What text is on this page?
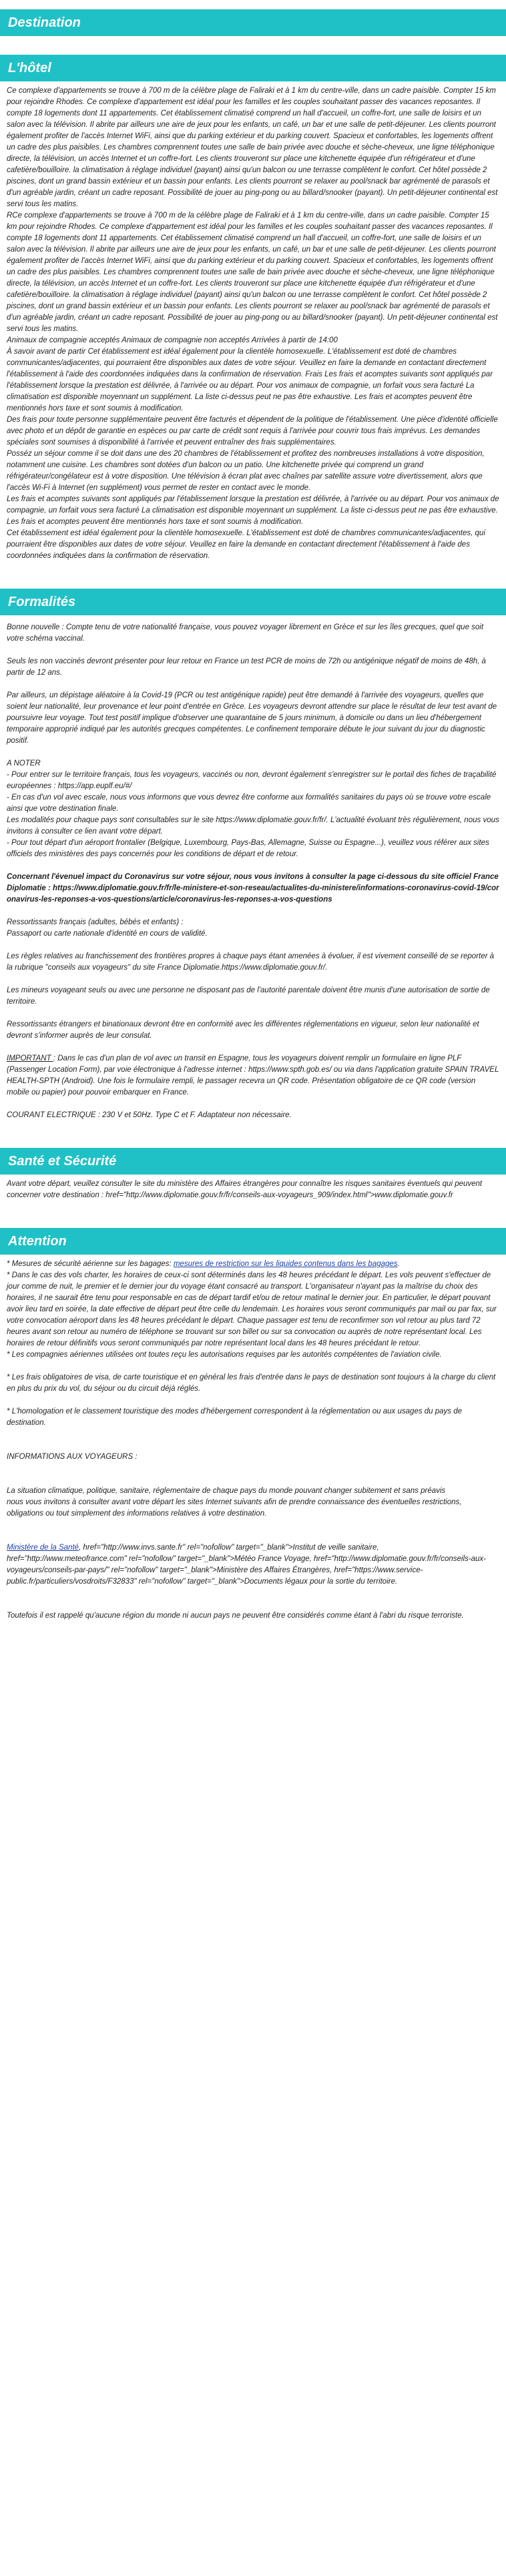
Destination
L'hôtel

Ce complexe d'appartements se trouve à 700 m de la célèbre plage de Faliraki et à 1 km du centre-ville, dans un cadre paisible. Compter 15 km pour rejoindre Rhodes. Ce complexe d'appartement est idéal pour les familles et les couples souhaitant passer des vacances reposantes. Il compte 18 logements dont 11 appartements. Cet établissement climatisé comprend un hall d'accueil, un coffre-fort, une salle de loisirs et un salon avec la télévision. Il abrite par ailleurs une aire de jeux pour les enfants, un café, un bar et une salle de petit-déjeuner. Les clients pourront également profiter de l'accès Internet WiFi, ainsi que du parking extérieur et du parking couvert. Spacieux et confortables, les logements offrent un cadre des plus paisibles. Les chambres comprennent toutes une salle de bain privée avec douche et sèche-cheveux, une ligne téléphonique directe, la télévision, un accès Internet et un coffre-fort. Les clients trouveront sur place une kitchenette équipée d'un réfrigérateur et d'une cafetière/bouilloire. la climatisation à réglage individuel (payant) ainsi qu'un balcon ou une terrasse complètent le confort. Cet hôtel possède 2 piscines, dont un grand bassin extérieur et un bassin pour enfants. Les clients pourront se relaxer au pool/snack bar agrémenté de parasols et d'un agréable jardin, créant un cadre reposant. Possibilité de jouer au ping-pong ou au billard/snooker (payant). Un petit-déjeuner continental est servi tous les matins.

RCe complexe d'appartements se trouve à 700 m de la célèbre plage de Faliraki et à 1 km du centre-ville, dans un cadre paisible. Compter 15 km pour rejoindre Rhodes. Ce complexe d'appartement est idéal pour les familles et les couples souhaitant passer des vacances reposantes. Il compte 18 logements dont 11 appartements. Cet établissement climatisé comprend un hall d'accueil, un coffre-fort, une salle de loisirs et un salon avec la télévision. Il abrite par ailleurs une aire de jeux pour les enfants, un café, un bar et une salle de petit-déjeuner. Les clients pourront également profiter de l'accès Internet WiFi, ainsi que du parking extérieur et du parking couvert. Spacieux et confortables, les logements offrent un cadre des plus paisibles. Les chambres comprennent toutes une salle de bain privée avec douche et sèche-cheveux, une ligne téléphonique directe, la télévision, un accès Internet et un coffre-fort. Les clients trouveront sur place une kitchenette équipée d'un réfrigérateur et d'une cafetière/bouilloire. la climatisation à réglage individuel (payant) ainsi qu'un balcon ou une terrasse complètent le confort. Cet hôtel possède 2 piscines, dont un grand bassin extérieur et un bassin pour enfants. Les clients pourront se relaxer au pool/snack bar agrémenté de parasols et d'un agréable jardin, créant un cadre reposant. Possibilité de jouer au ping-pong ou au billard/snooker (payant). Un petit-déjeuner continental est servi tous les matins.

Animaux de compagnie acceptés Animaux de compagnie non acceptés Arrivées à partir de 14:00

À savoir avant de partir Cet établissement est idéal également pour la clientèle homosexuelle. L'établissement est doté de chambres communicantes/adjacentes, qui pourraient être disponibles aux dates de votre séjour. Veuillez en faire la demande en contactant directement l'établissement à l'aide des coordonnées indiquées dans la confirmation de réservation. Frais Les frais et acomptes suivants sont appliqués par l'établissement lorsque la prestation est délivrée, à l'arrivée ou au départ. Pour vos animaux de compagnie, un forfait vous sera facturé La climatisation est disponible moyennant un supplément. La liste ci-dessus peut ne pas être exhaustive. Les frais et acomptes peuvent être mentionnés hors taxe et sont soumis à modification.

Des frais pour toute personne supplémentaire peuvent être facturés et dépendent de la politique de l'établissement. Une pièce d'identité officielle avec photo et un dépôt de garantie en espèces ou par carte de crédit sont requis à l'arrivée pour couvrir tous frais imprévus. Les demandes spéciales sont soumises à disponibilité à l'arrivée et peuvent entraîner des frais supplémentaires.

Posséz un séjour comme il se doit dans une des 20 chambres de l'établissement et profitez des nombreuses installations à votre disposition, notamment une cuisine. Les chambres sont dotées d'un balcon ou un patio. Une kitchenette privée qui comprend un grand réfrigérateur/congélateur est à votre disposition. Une télévision à écran plat avec chaînes par satellite assure votre divertissement, alors que l'accès Wi-Fi à Internet (en supplément) vous permet de rester en contact avec le monde.

Les frais et acomptes suivants sont appliqués par l'établissement lorsque la prestation est délivrée, à l'arrivée ou au départ. Pour vos animaux de compagnie, un forfait vous sera facturé La climatisation est disponible moyennant un supplément. La liste ci-dessus peut ne pas être exhaustive. Les frais et acomptes peuvent être mentionnés hors taxe et sont soumis à modification.

Cet établissement est idéal également pour la clientèle homosexuelle. L'établissement est doté de chambres communicantes/adjacentes, qui pourraient être disponibles aux dates de votre séjour. Veuillez en faire la demande en contactant directement l'établissement à l'aide des coordonnées indiquées dans la confirmation de réservation.

Formalités

Bonne nouvelle : Compte tenu de votre nationalité française, vous pouvez voyager librement en Grèce et sur les îles grecques, quel que soit votre schéma vaccinal.

Seuls les non vaccinés devront présenter pour leur retour en France un test PCR de moins de 72h ou antigénique négatif de moins de 48h, à partir de 12 ans.

Par ailleurs, un dépistage aléatoire à la Covid-19 (PCR ou test antigénique rapide) peut être demandé à l'arrivée des voyageurs, quelles que soient leur nationalité, leur provenance et leur point d'entrée en Grèce. Les voyageurs devront attendre sur place le résultat de leur test avant de poursuivre leur voyage. Tout test positif implique d'observer une quarantaine de 5 jours minimum, à domicile ou dans un lieu d'hébergement temporaire approprié indiqué par les autorités grecques compétentes. Le confinement temporaire débute le jour suivant du jour du diagnostic positif.

A NOTER

- Pour entrer sur le territoire français, tous les voyageurs, vaccinés ou non, devront également s'enregistrer sur le portail des fiches de traçabilité européennes : https://app.euplf.eu/#/

- En cas d'un vol avec escale, nous vous informons que vous devrez être conforme aux formalités sanitaires du pays où se trouve votre escale ainsi que votre destination finale.

Les modalités pour chaque pays sont consultables sur le site https://www.diplomatie.gouv.fr/fr/. L'actualité évoluant très régulièrement, nous vous invitons à consulter ce lien avant votre départ.

- Pour tout départ d'un aéroport frontalier (Belgique, Luxembourg, Pays-Bas, Allemagne, Suisse ou Espagne...), veuillez vous référer aux sites officiels des ministères des pays concernés pour les conditions de départ et de retour.

Concernant l'évenuel impact du Coronavirus sur votre séjour, nous vous invitons à consulter la page ci-dessous du site officiel France Diplomatie : https://www.diplomatie.gouv.fr/fr/le-ministere-et-son-reseau/actualites-du-ministere/informations-coronavirus-covid-19/coronavirus-les-reponses-a-vos-questions/article/coronavirus-les-reponses-a-vos-questions

Ressortissants français (adultes, bébés et enfants) :
Passaport ou carte nationale d'identité en cours de validité.

Les règles relatives au franchissement des frontières propres à chaque pays étant amenées à évoluer, il est vivement conseillé de se reporter à la rubrique "conseils aux voyageurs" du site France Diplomatie.https://www.diplomatie.gouv.fr/.

Les mineurs voyageant seuls ou avec une personne ne disposant pas de l'autorité parentale doivent être munis d'une autorisation de sortie de territoire.

Ressortissants étrangers et binationaux devront être en conformité avec les différentes réglementations en vigueur, selon leur nationalité et devront s'informer auprès de leur consulat.

IMPORTANT : Dans le cas d'un plan de vol avec un transit en Espagne, tous les voyageurs doivent remplir un formulaire en ligne PLF (Passenger Location Form), par voie électronique à l'adresse internet : https://www.spth.gob.es/ ou via dans l'application gratuite SPAIN TRAVEL HEALTH-SPTH (Android). Une fois le formulaire rempli, le passager recevra un QR code. Présentation obligatoire de ce QR code (version mobile ou papier) pour pouvoir embarquer en France.

COURANT ELECTRIQUE : 230 V et 50Hz. Type C et F. Adaptateur non nécessaire.

Santé et Sécurité

Avant votre départ, veuillez consulter le site du ministère des Affaires étrangères pour connaître les risques sanitaires éventuels qui peuvent concerner votre destination : href="http://www.diplomatie.gouv.fr/fr/conseils-aux-voyageurs_909/index.html">www.diplomatie.gouv.fr

Attention

* Mesures de sécurité aérienne sur les bagages: mesures de restriction sur les liquides contenus dans les bagages.

* Dans le cas des vols charter, les horaires de ceux-ci sont déterminés dans les 48 heures précédant le départ. Les vols peuvent s'effectuer de jour comme de nuit, le premier et le dernier jour du voyage étant consacré au transport. L'organisateur n'ayant pas la maîtrise du choix des horaires, il ne saurait être tenu pour responsable en cas de départ tardif et/ou de retour matinal le dernier jour. En particulier, le départ pouvant avoir lieu tard en soirée, la date effective de départ peut être celle du lendemain. Les horaires vous seront communiqués par mail ou par fax, sur votre convocation aéroport dans les 48 heures précédant le départ. Chaque passager est tenu de reconfirmer son vol retour au plus tard 72 heures avant son retour au numéro de téléphone se trouvant sur son billet ou sur sa convocation ou auprès de notre représentant local. Les horaires de retour définitifs vous seront communiqués par notre représentant local dans les 48 heures précédant le retour.

* Les compagnies aériennes utilisées ont toutes reçu les autorisations requises par les autorités compétentes de l'aviation civile.

* Les frais obligatoires de visa, de carte touristique et en général les frais d'entrée dans le pays de destination sont toujours à la charge du client en plus du prix du vol, du séjour ou du circuit déjà réglés.

* L'homologation et le classement touristique des modes d'hébergement correspondent à la réglementation ou aux usages du pays de destination.

INFORMATIONS AUX VOYAGEURS :

La situation climatique, politique, sanitaire, réglementaire de chaque pays du monde pouvant changer subitement et sans préavis
nous vous invitons à consulter avant votre départ les sites Internet suivants afin de prendre connaissance des éventuelles restrictions, obligations ou tout simplement des informations relatives à votre destination.

Ministère de la Santé, href="http://www.invs.sante.fr" rel="nofollow" target="_blank">Institut de veille sanitaire, href="http://www.meteofrance.com" rel="nofollow" target="_blank">Météo France Voyage, href="http://www.diplomatie.gouv.fr/fr/conseils-aux-voyageurs/conseils-par-pays/" rel="nofollow" target="_blank">Ministère des Affaires Étrangères, href="https://www.service-public.fr/particuliers/vosdroits/F32833" rel="nofollow" target="_blank">Documents légaux pour la sortie du territoire.

Toutefois il est rappelé qu'aucune région du monde ni aucun pays ne peuvent être considérés comme étant à l'abri du risque terroriste.
